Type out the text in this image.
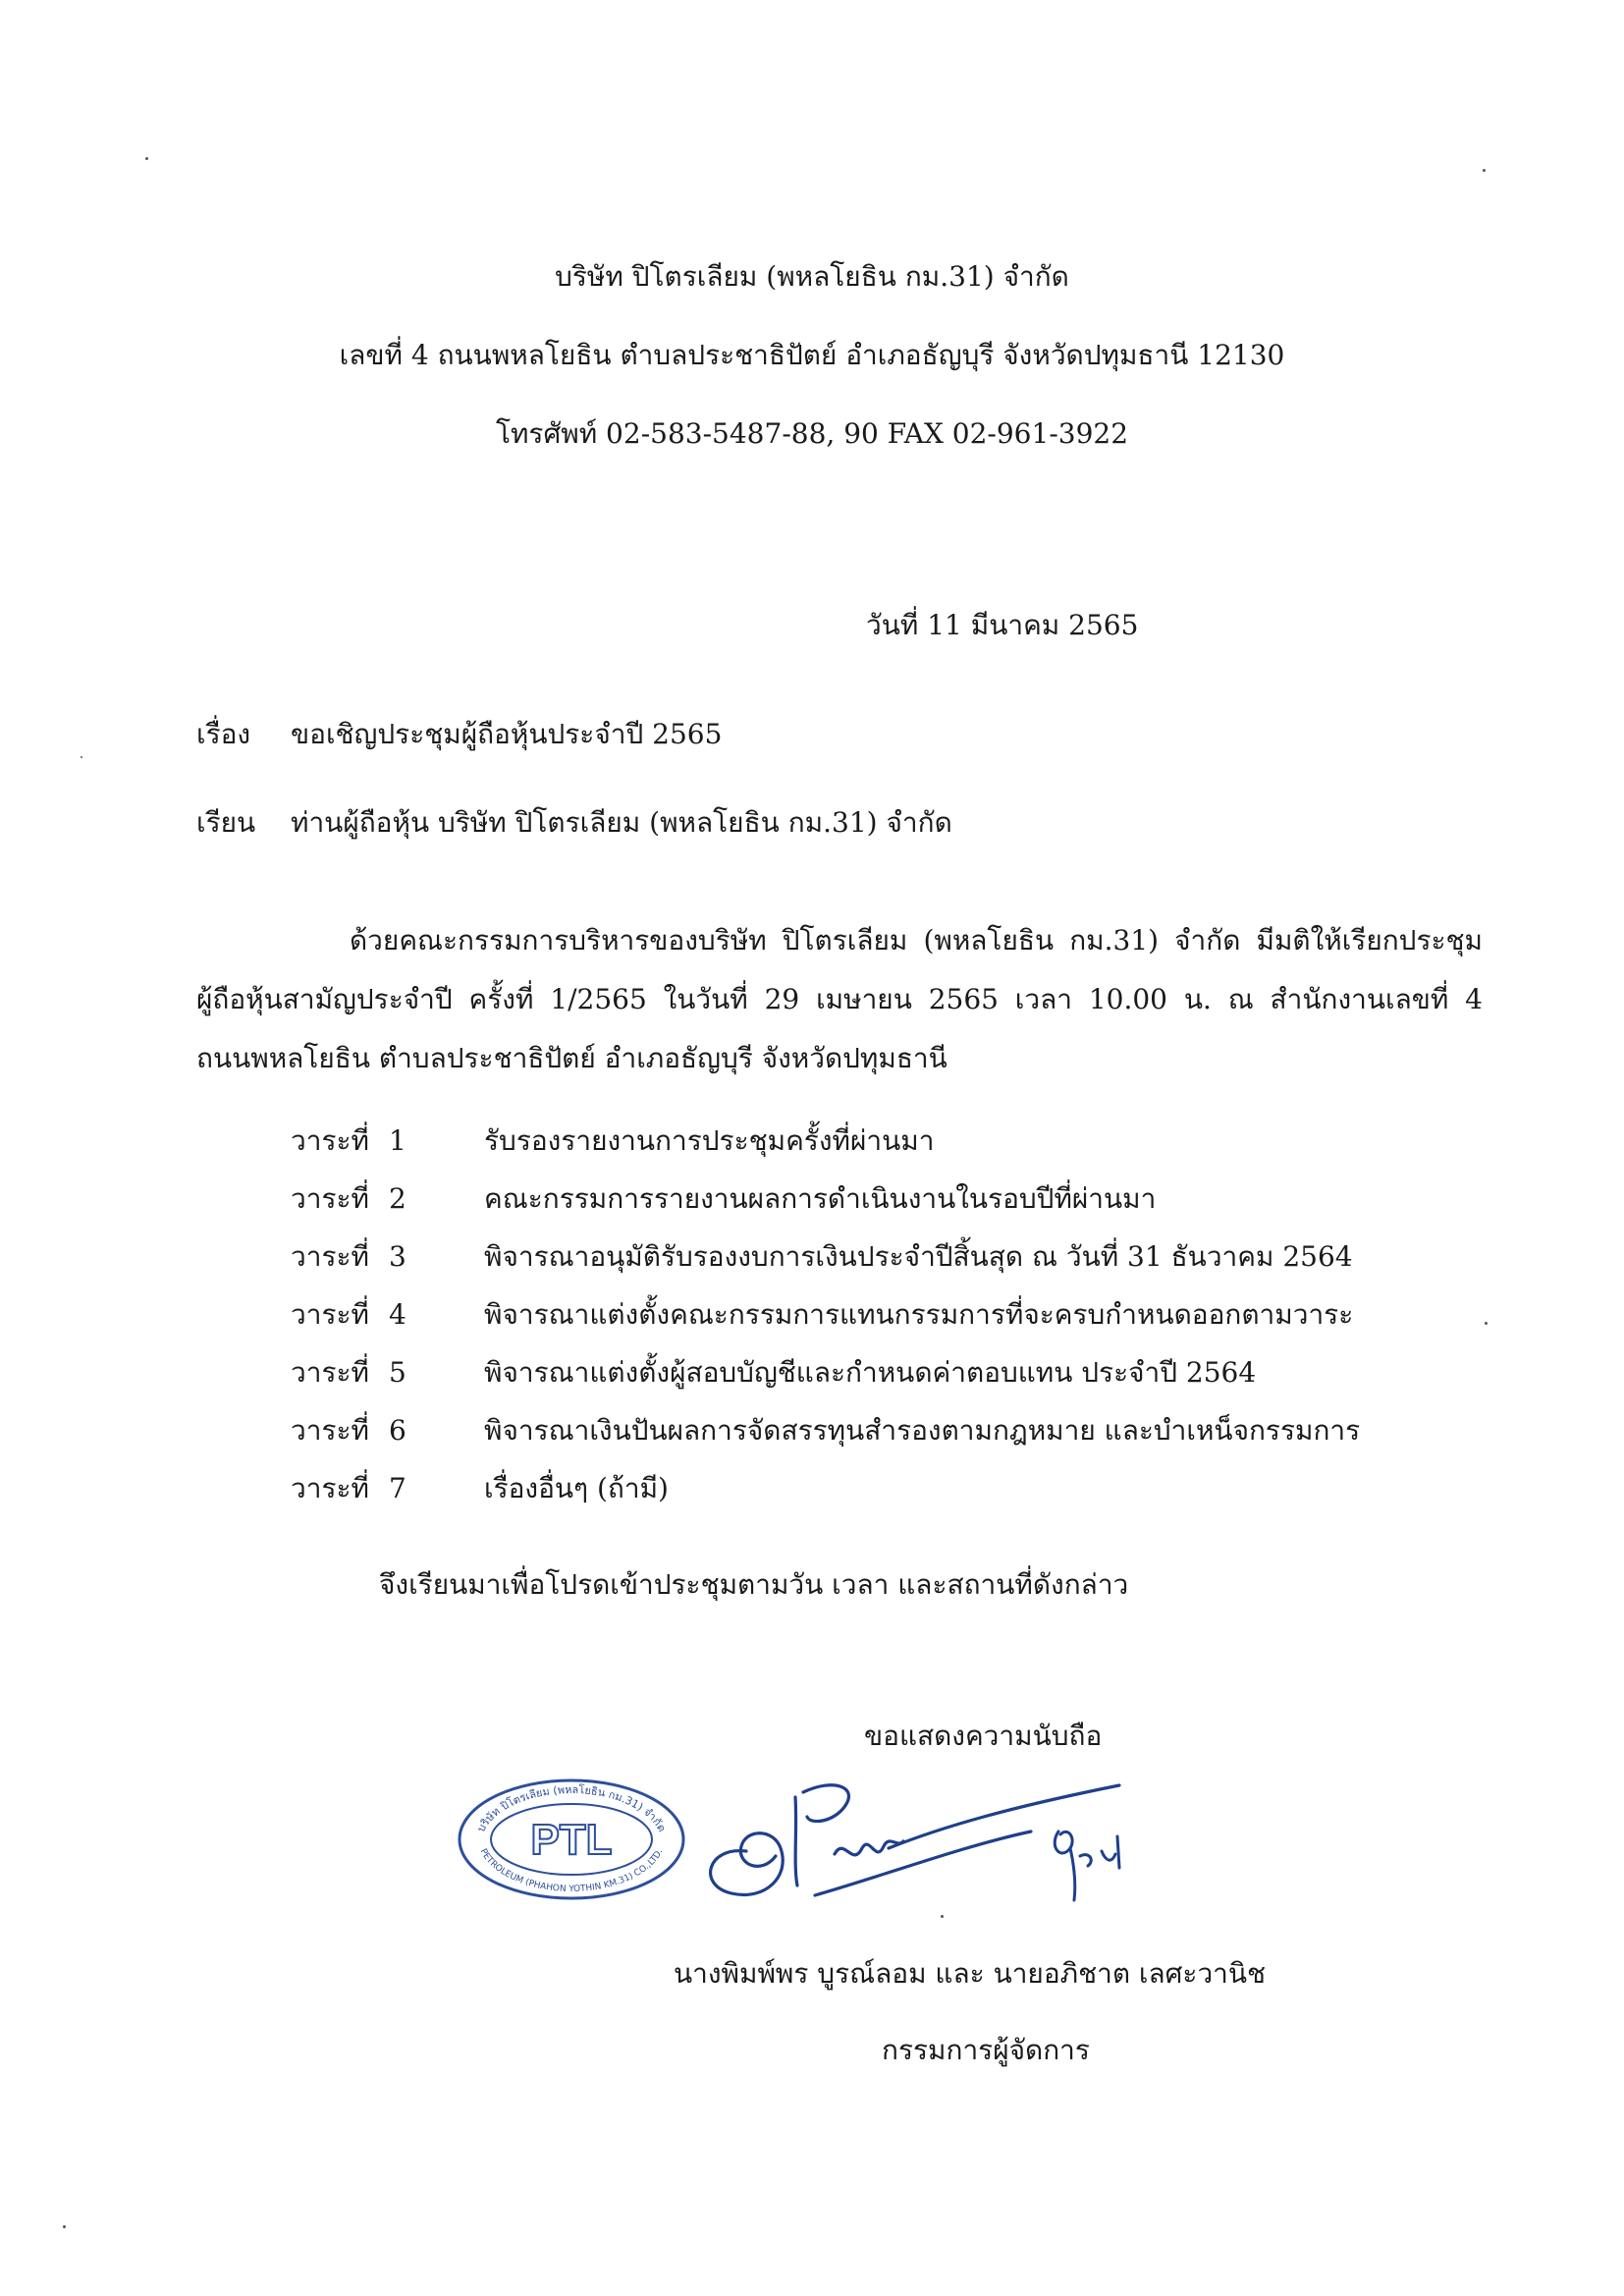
บริษัท ปิโตรเลียม (พหลโยธิน กม.31) จำกัด
เลขที่ 4 ถนนพหลโยธิน ตำบลประชาธิปัตย์ อำเภอธัญบุรี จังหวัดปทุมธานี 12130
โทรศัพท์ 02-583-5487-88, 90 FAX 02-961-3922
วันที่ 11 มีนาคม 2565
เรื่อง ขอเชิญประชุมผู้ถือหุ้นประจำปี 2565
เรียน ท่านผู้ถือหุ้น บริษัท ปิโตรเลียม (พหลโยธิน กม.31) จำกัด
ด้วยคณะกรรมการบริหารของบริษัท ปิโตรเลียม (พหลโยธิน กม.31) จำกัด มีมติให้เรียกประชุม
ผู้ถือหุ้นสามัญประจำปี ครั้งที่ 1/2565 ในวันที่ 29 เมษายน 2565 เวลา 10.00 น. ณ สำนักงานเลขที่ 4
ถนนพหลโยธิน ตำบลประชาธิปัตย์ อำเภอธัญบุรี จังหวัดปทุมธานี
วาระที่ 1	รับรองรายงานการประชุมครั้งที่ผ่านมา
วาระที่ 2	คณะกรรมการรายงานผลการดำเนินงานในรอบปีที่ผ่านมา
วาระที่ 3	พิจารณาอนุมัติรับรองงบการเงินประจำปีสิ้นสุด ณ วันที่ 31 ธันวาคม 2564
วาระที่ 4	พิจารณาแต่งตั้งคณะกรรมการแทนกรรมการที่จะครบกำหนดออกตามวาระ
วาระที่ 5	พิจารณาแต่งตั้งผู้สอบบัญชีและกำหนดค่าตอบแทน ประจำปี 2564
วาระที่ 6	พิจารณาเงินปันผลการจัดสรรทุนสำรองตามกฎหมาย และบำเหน็จกรรมการ
วาระที่ 7	เรื่องอื่นๆ (ถ้ามี)
จึงเรียนมาเพื่อโปรดเข้าประชุมตามวัน เวลา และสถานที่ดังกล่าว
ขอแสดงความนับถือ
บริษัท ปิโตรเลียม (พหลโยธิน กม.31) จำกัด
PETROLEUM (PHAHON YOTHIN KM.31) CO.,LTD.
PTL
นางพิมพ์พร บูรณ์ลอม และ นายอภิชาต เลศะวานิช
กรรมการผู้จัดการ
